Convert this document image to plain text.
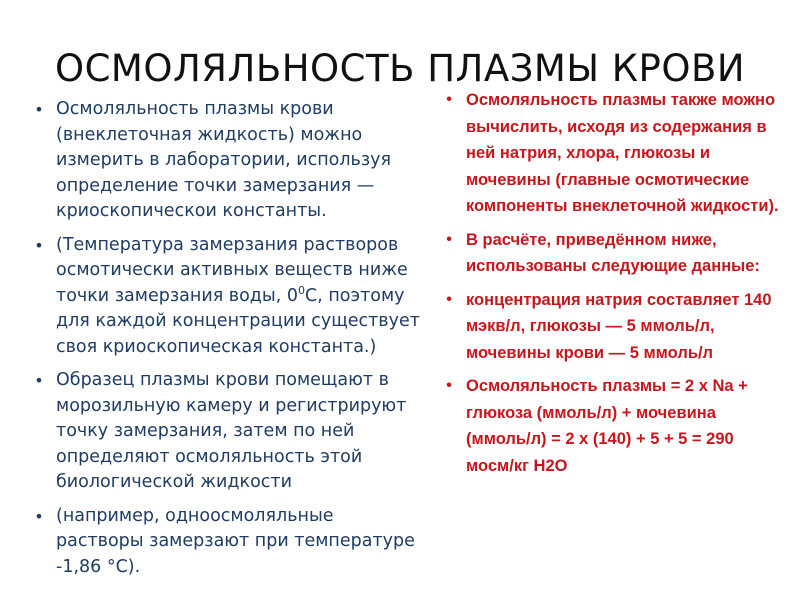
ОСМОЛЯЛЬНОСТЬ ПЛАЗМЫ КРОВИ
• Осмоляльность плазмы крови (внеклеточная жидкость) можно измерить в лаборатории, используя определение точки замерзания — криоскопическои константы.
• (Температура замерзания растворов осмотически активных веществ ниже точки замерзания воды, $0^0С$, поэтому для каждой концентрации существует своя криоскопическая константа.)
• Образец плазмы крови помещают в морозильную камеру и регистрируют точку замерзания, затем по ней определяют осмоляльность этой биологической жидкости
• (например, одноосмоляльные растворы замерзают при температуре -1,86 °С).
• Осмоляльность плазмы также можно вычислить, исходя из содержания в ней натрия, хлора, глюкозы и мочевины (главные осмотические компоненты внеклеточной жидкости).
• В расчёте, приведённом ниже, использованы следующие данные:
• концентрация натрия составляет 140 мэкв/л, глюкозы — 5 ммоль/л, мочевины крови — 5 ммоль/л
• Осмоляльность плазмы = 2 х Na + глюкоза (ммоль/л) + мочевина (ммоль/л) = 2 х (140) + 5 + 5 = 290 мосм/кг H2O
